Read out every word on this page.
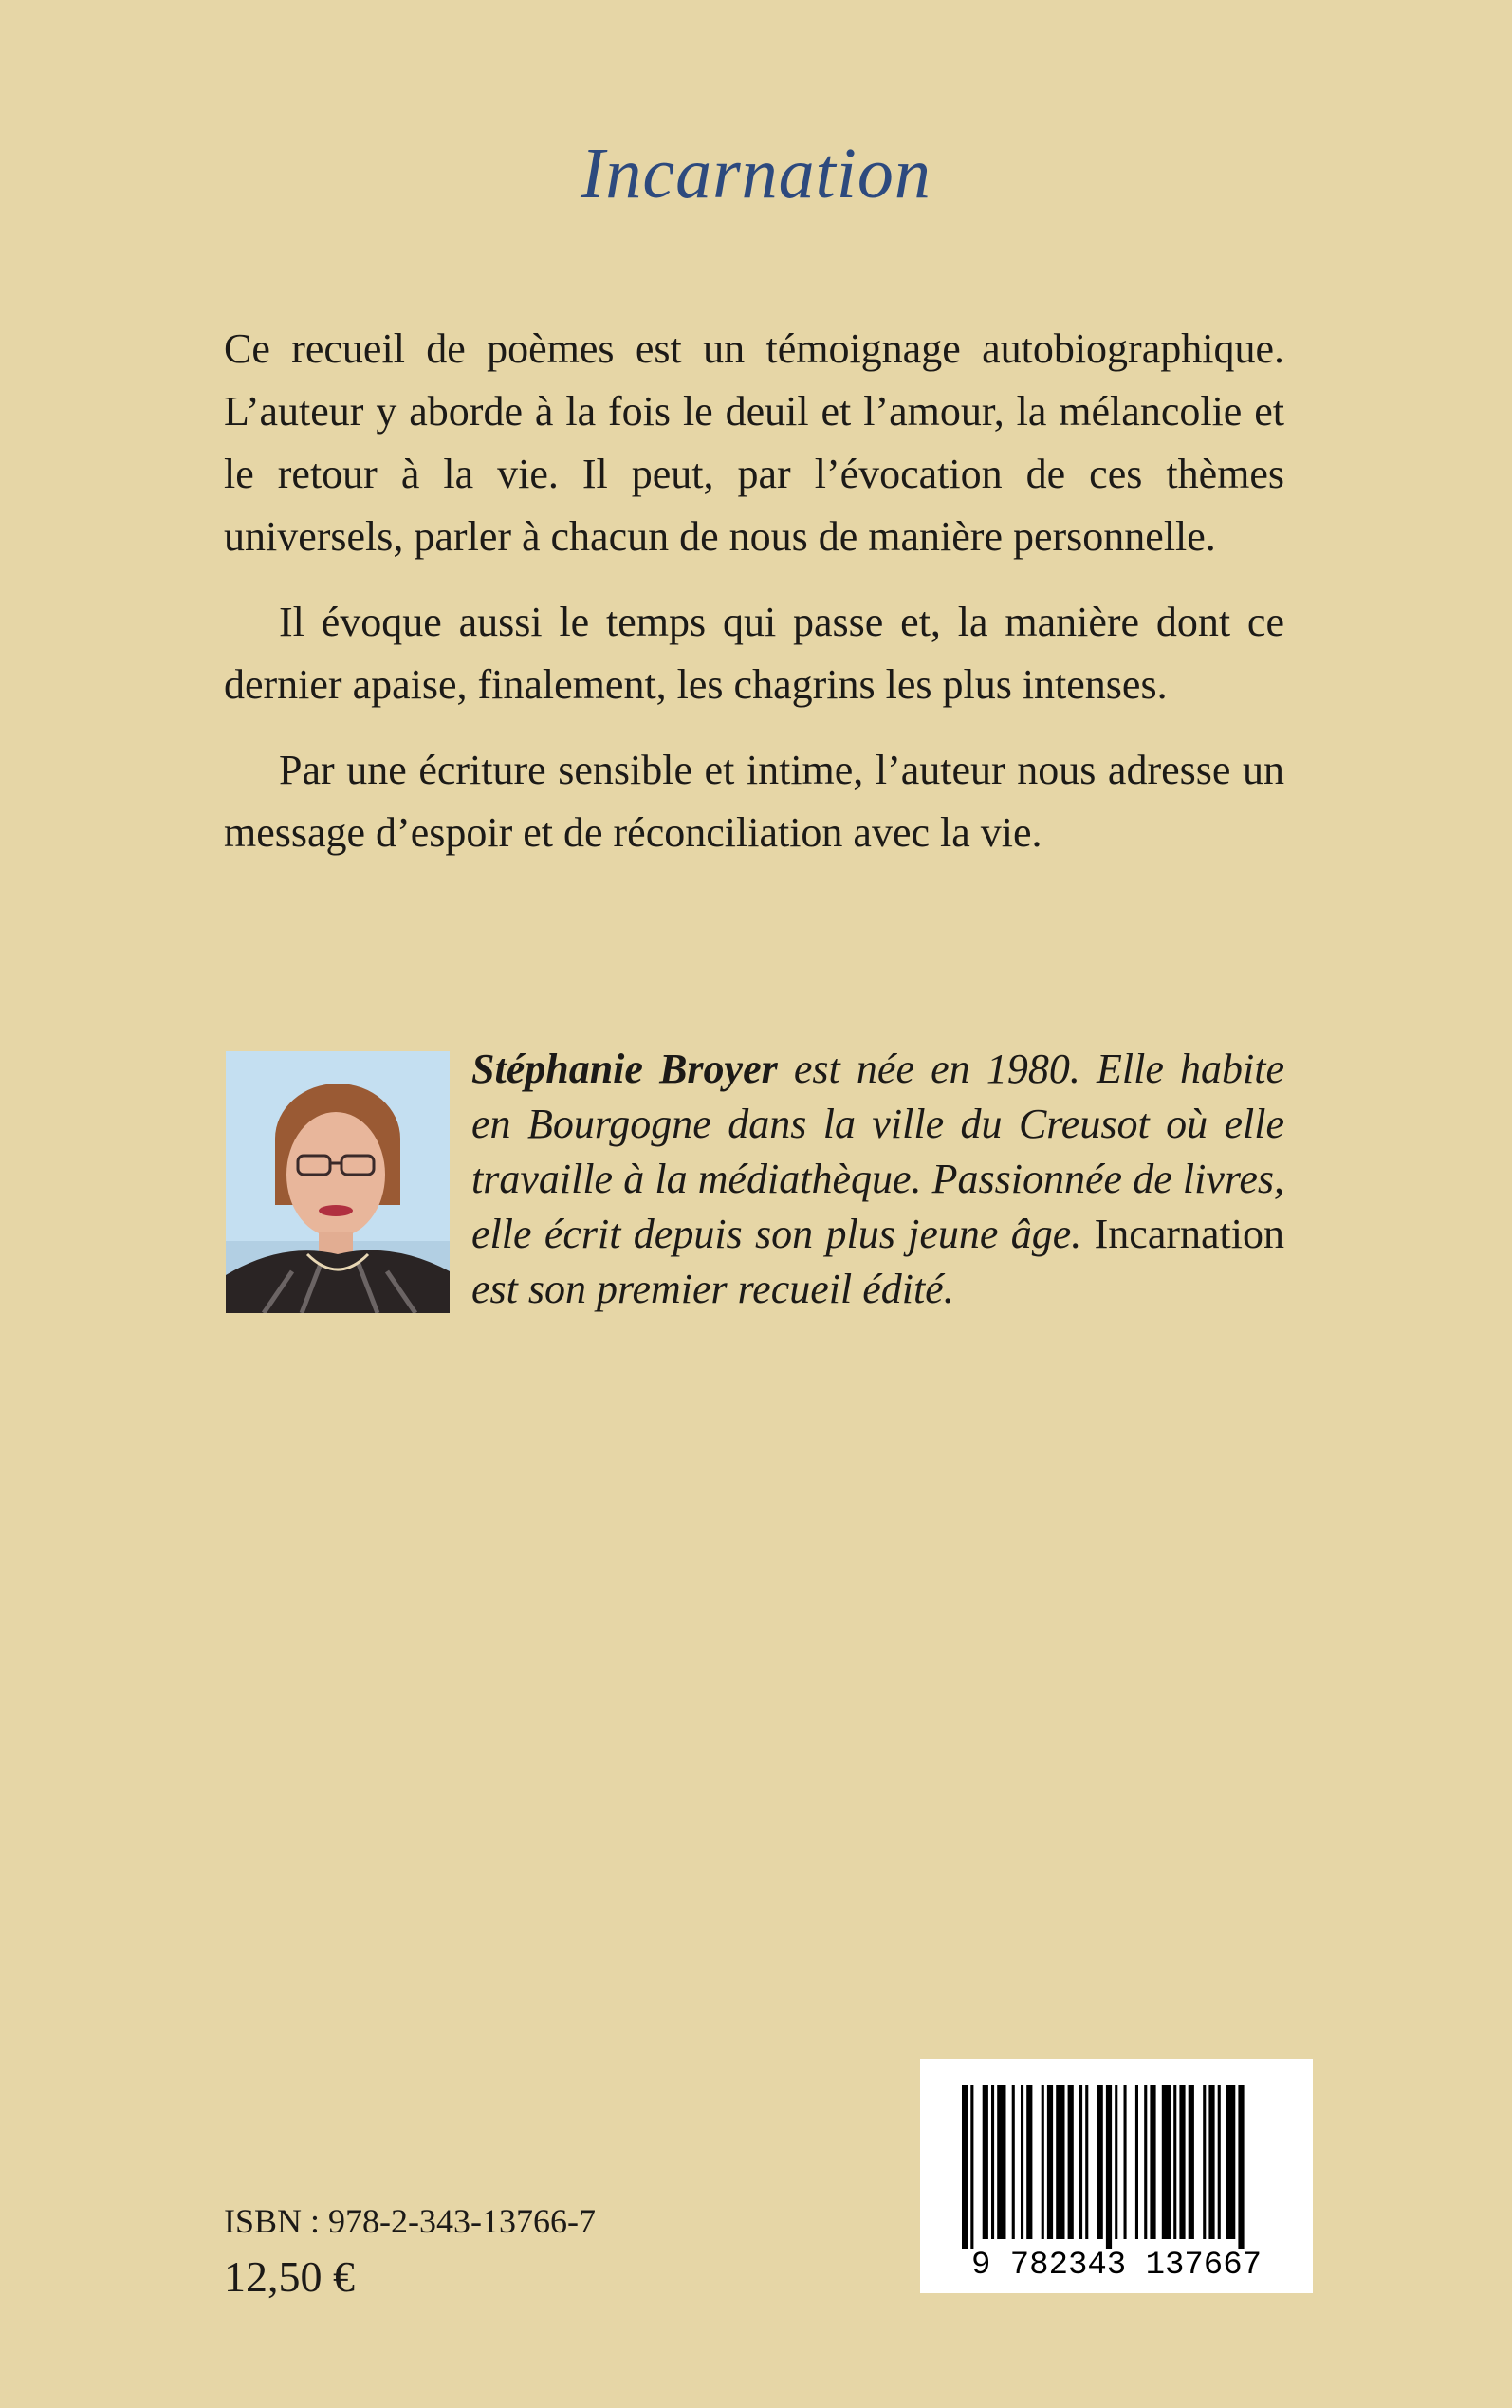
Incarnation

Ce recueil de poèmes est un témoignage autobiographique. L’auteur y aborde à la fois le deuil et l’amour, la mélancolie et le retour à la vie. Il peut, par l’évocation de ces thèmes universels, parler à chacun de nous de manière personnelle.

Il évoque aussi le temps qui passe et, la manière dont ce dernier apaise, finalement, les chagrins les plus intenses.

Par une écriture sensible et intime, l’auteur nous adresse un message d’espoir et de réconciliation avec la vie.

Stéphanie Broyer est née en 1980. Elle habite en Bourgogne dans la ville du Creusot où elle travaille à la médiathèque. Passionnée de livres, elle écrit depuis son plus jeune âge. Incarnation est son premier recueil édité.
9 782343 137667
ISBN : 978-2-343-13766-7
12,50 €
